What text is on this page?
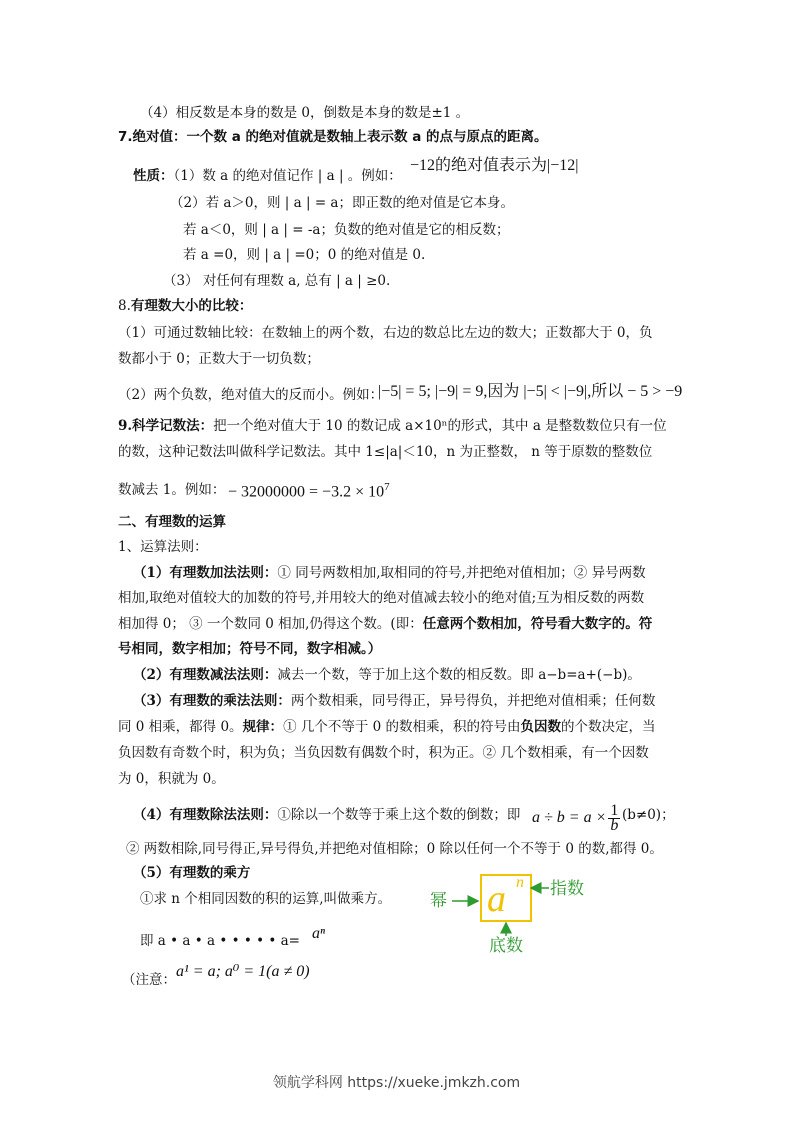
（4）相反数是本身的数是 0，倒数是本身的数是±1 。
7.绝对值：一个数 a 的绝对值就是数轴上表示数 a 的点与原点的距离。
性质：（1）数 a 的绝对值记作 | a | 。例如：
−12的绝对值表示为|−12|
（2）若 a＞0，则 | a | = a；即正数的绝对值是它本身。
若 a＜0，则 | a | = -a；负数的绝对值是它的相反数；
若 a =0，则 | a | =0；0 的绝对值是 0.
（3） 对任何有理数 a, 总有 | a | ≥0.
8.有理数大小的比较：
（1）可通过数轴比较：在数轴上的两个数，右边的数总比左边的数大；正数都大于 0，负
数都小于 0；正数大于一切负数；
（2）两个负数，绝对值大的反而小。例如：
|−5| = 5; |−9| = 9,因为 |−5| < |−9|,所以 − 5 > −9
9.科学记数法：把一个绝对值大于 10 的数记成 a×10ⁿ的形式，其中 a 是整数数位只有一位
的数，这种记数法叫做科学记数法。其中 1≤|a|＜10，n 为正整数， n 等于原数的整数位
数减去 1。例如： − $32000000 = -3.2 \times 10^7$
二、有理数的运算
1、运算法则：
（1）有理数加法法则：① 同号两数相加,取相同的符号,并把绝对值相加；② 异号两数
相加,取绝对值较大的加数的符号,并用较大的绝对值减去较小的绝对值;互为相反数的两数
相加得 0； ③ 一个数同 0 相加,仍得这个数。(即：任意两个数相加，符号看大数字的。符
号相同，数字相加；符号不同，数字相减。）
（2）有理数减法法则：减去一个数，等于加上这个数的相反数。即 a−b=a+(−b)。
（3）有理数的乘法法则：两个数相乘，同号得正，异号得负，并把绝对值相乘；任何数
同 0 相乘，都得 0。规律：① 几个不等于 0 的数相乘，积的符号由负因数的个数决定，当
负因数有奇数个时，积为负；当负因数有偶数个时，积为正。② 几个数相乘，有一个因数
为 0，积就为 0。
（4）有理数除法法则：①除以一个数等于乘上这个数的倒数；即 $a \div b = a \times \frac{1}{b} (b\ne 0)$；
② 两数相除,同号得正,异号得负,并把绝对值相除；0 除以任何一个不等于 0 的数,都得 0。
（5）有理数的乘方
①求 n 个相同因数的积的运算,叫做乘方。
即 a • a • a • • • • • a= aⁿ
（注意： a¹ = a; a⁰ = 1(a ≠ 0)
a n
幂
指数
底数
领航学科网 https://xueke.jmkzh.com
